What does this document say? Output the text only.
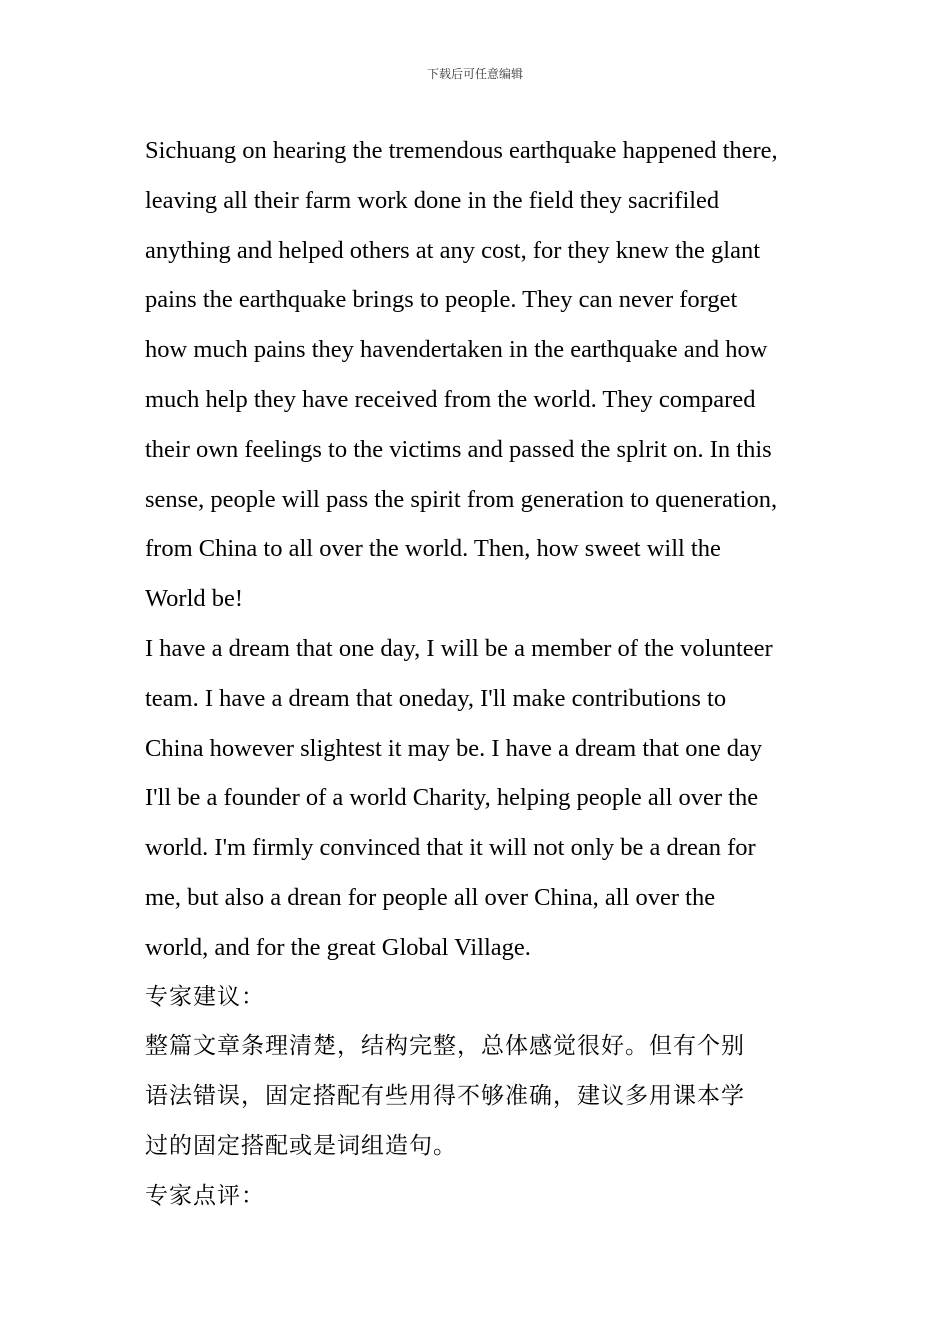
下载后可任意编辑
Sichuang on hearing the tremendous earthquake happened there,
leaving all their farm work done in the field they sacrifiled
anything and helped others at any cost, for they knew the glant
pains the earthquake brings to people. They can never forget
how much pains they havendertaken in the earthquake and how
much help they have received from the world. They compared
their own feelings to the victims and passed the splrit on. In this
sense, people will pass the spirit from generation to queneration,
from China to all over the world. Then, how sweet will the
World be!
I have a dream that one day, I will be a member of the volunteer
team. I have a dream that oneday, I'll make contributions to
China however slightest it may be. I have a dream that one day
I'll be a founder of a world Charity, helping people all over the
world. I'm firmly convinced that it will not only be a drean for
me, but also a drean for people all over China, all over the
world, and for the great Global Village.
专家建议：
整篇文章条理清楚，结构完整，总体感觉很好。但有个别
语法错误，固定搭配有些用得不够准确，建议多用课本学
过的固定搭配或是词组造句。
专家点评：
